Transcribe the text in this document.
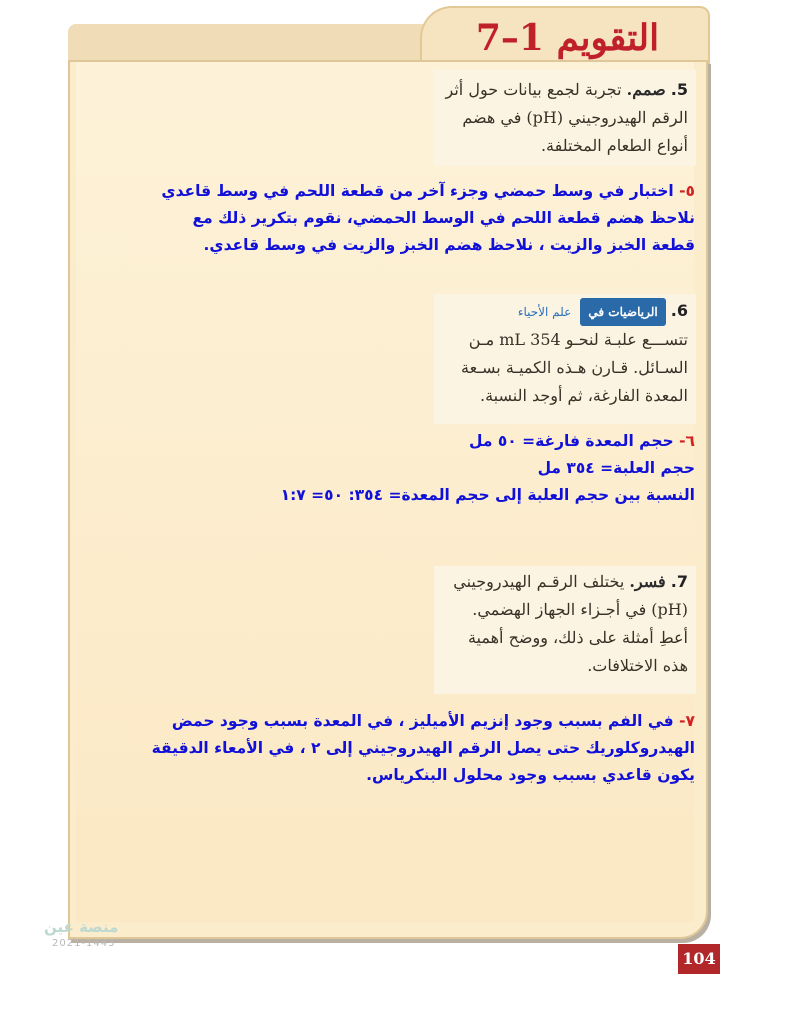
التقويم 1–7
5. صمم. تجربة لجمع بيانات حول أثر
الرقم الهيدروجيني (pH) في هضم
أنواع الطعام المختلفة.
٥- اختبار في وسط حمضي وجزء آخر من قطعة اللحم في وسط قاعدي نلاحظ هضم قطعة اللحم في الوسط الحمضي، نقوم بتكرير ذلك مع قطعة الخبز والزيت ، نلاحظ هضم الخبز والزيت في وسط قاعدي.
6. الرياضيات في علم الأحياء
تتســـع علبـة لنحـو 354 mL مـن
السـائل. قـارن هـذه الكميـة بسـعة
المعدة الفارغة، ثم أوجد النسبة.
٦- حجم المعدة فارغة= ٥٠ مل
حجم العلبة= ٣٥٤ مل
النسبة بين حجم العلبة إلى حجم المعدة= ٣٥٤: ٥٠= ١:٧
7. فسر. يختلف الرقـم الهيدروجيني
(pH) في أجـزاء الجهاز الهضمي.
أعطِ أمثلة على ذلك، ووضح أهمية
هذه الاختلافات.
٧- في الفم بسبب وجود إنزيم الأميليز ، في المعدة بسبب وجود حمض الهيدروكلوريك حتى يصل الرقم الهيدروجيني إلى ٢ ، في الأمعاء الدقيقة يكون قاعدي بسبب وجود محلول البنكرياس.
منصة عين
2021-1443
104
